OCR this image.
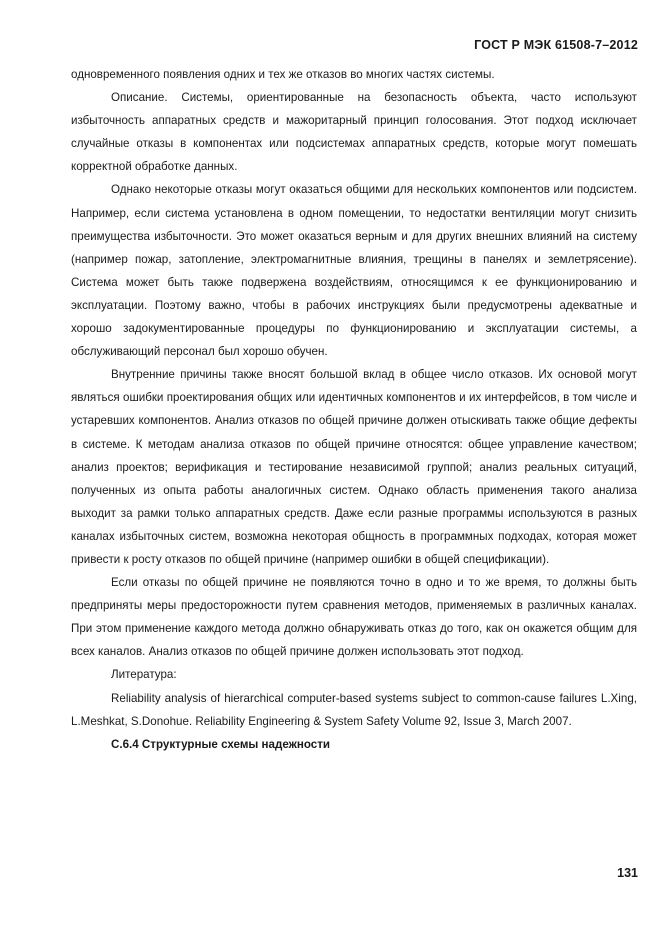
ГОСТ Р МЭК 61508-7–2012

одновременного появления одних и тех же отказов во многих частях системы.

Описание. Системы, ориентированные на безопасность объекта, часто используют избыточность аппаратных средств и мажоритарный принцип голосования. Этот подход исключает случайные отказы в компонентах или подсистемах аппаратных средств, которые могут помешать корректной обработке данных.

Однако некоторые отказы могут оказаться общими для нескольких компонентов или подсистем. Например, если система установлена в одном помещении, то недостатки вентиляции могут снизить преимущества избыточности. Это может оказаться верным и для других внешних влияний на систему (например пожар, затопление, электромагнитные влияния, трещины в панелях и землетрясение). Система может быть также подвержена воздействиям, относящимся к ее функционированию и эксплуатации. Поэтому важно, чтобы в рабочих инструкциях были предусмотрены адекватные и хорошо задокументированные процедуры по функционированию и эксплуатации системы, а обслуживающий персонал был хорошо обучен.

Внутренние причины также вносят большой вклад в общее число отказов. Их основой могут являться ошибки проектирования общих или идентичных компонентов и их интерфейсов, в том числе и устаревших компонентов. Анализ отказов по общей причине должен отыскивать также общие дефекты в системе. К методам анализа отказов по общей причине относятся: общее управление качеством; анализ проектов; верификация и тестирование независимой группой; анализ реальных ситуаций, полученных из опыта работы аналогичных систем. Однако область применения такого анализа выходит за рамки только аппаратных средств. Даже если разные программы используются в разных каналах избыточных систем, возможна некоторая общность в программных подходах, которая может привести к росту отказов по общей причине (например ошибки в общей спецификации).

Если отказы по общей причине не появляются точно в одно и то же время, то должны быть предприняты меры предосторожности путем сравнения методов, применяемых в различных каналах. При этом применение каждого метода должно обнаруживать отказ до того, как он окажется общим для всех каналов. Анализ отказов по общей причине должен использовать этот подход.

Литература:

Reliability analysis of hierarchical computer-based systems subject to common-cause failures L.Xing, L.Meshkat, S.Donohue. Reliability Engineering & System Safety Volume 92, Issue 3, March 2007.

C.6.4 Структурные схемы надежности

131
